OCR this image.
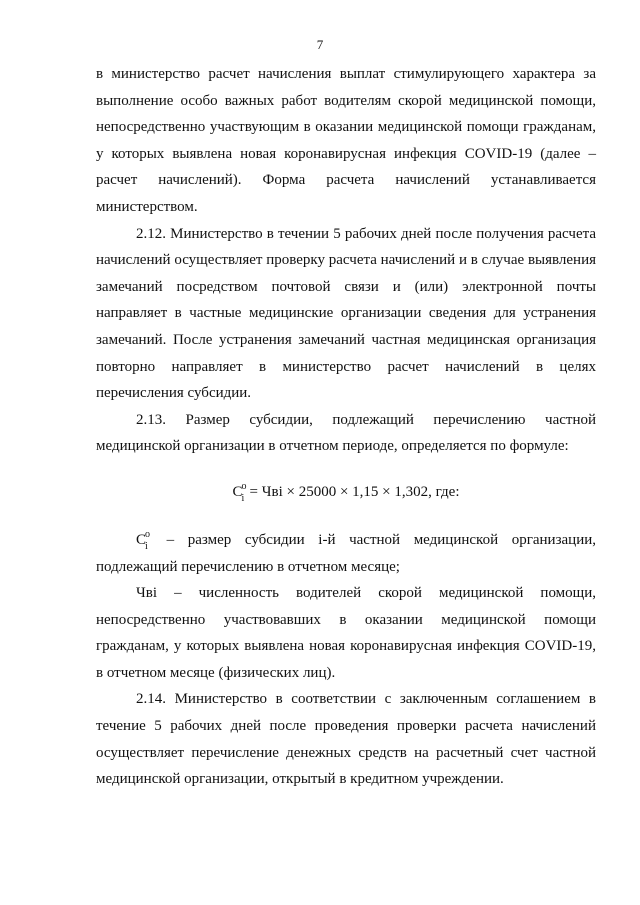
7

в министерство расчет начисления выплат стимулирующего характера за выполнение особо важных работ водителям скорой медицинской помощи, непосредственно участвующим в оказании медицинской помощи гражданам, у которых выявлена новая коронавирусная инфекция COVID-19 (далее – расчет начислений). Форма расчета начислений устанавливается министерством.

2.12. Министерство в течении 5 рабочих дней после получения расчета начислений осуществляет проверку расчета начислений и в случае выявления замечаний посредством почтовой связи и (или) электронной почты направляет в частные медицинские организации сведения для устранения замечаний. После устранения замечаний частная медицинская организация повторно направляет в министерство расчет начислений в целях перечисления субсидии.

2.13. Размер субсидии, подлежащий перечислению частной медицинской организации в отчетном периоде, определяется по формуле:

С
о
i = Чвi × 25000 × 1,15 × 1,302, где:

С
о
i – размер субсидии i-й частной медицинской организации, подлежащий перечислению в отчетном месяце;

Чвi – численность водителей скорой медицинской помощи, непосредственно участвовавших в оказании медицинской помощи гражданам, у которых выявлена новая коронавирусная инфекция COVID-19, в отчетном месяце (физических лиц).

2.14. Министерство в соответствии с заключенным соглашением в течение 5 рабочих дней после проведения проверки расчета начислений осуществляет перечисление денежных средств на расчетный счет частной медицинской организации, открытый в кредитном учреждении.
